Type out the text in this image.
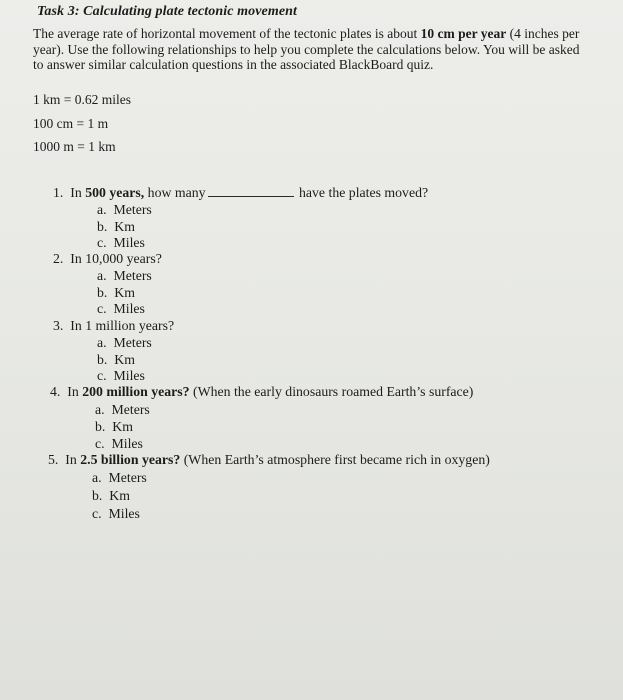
Task 3: Calculating plate tectonic movement
The average rate of horizontal movement of the tectonic plates is about 10 cm per year (4 inches per year). Use the following relationships to help you complete the calculations below. You will be asked to answer similar calculation questions in the associated BlackBoard quiz.
1 km = 0.62 miles
100 cm = 1 m
1000 m = 1 km
1. In 500 years, how many	have the plates moved?
a. Meters
b. Km
c. Miles
2. In 10,000 years?
a. Meters
b. Km
c. Miles
3. In 1 million years?
a. Meters
b. Km
c. Miles
4. In 200 million years? (When the early dinosaurs roamed Earth’s surface)
a. Meters
b. Km
c. Miles
5. In 2.5 billion years? (When Earth’s atmosphere first became rich in oxygen)
a. Meters
b. Km
c. Miles
